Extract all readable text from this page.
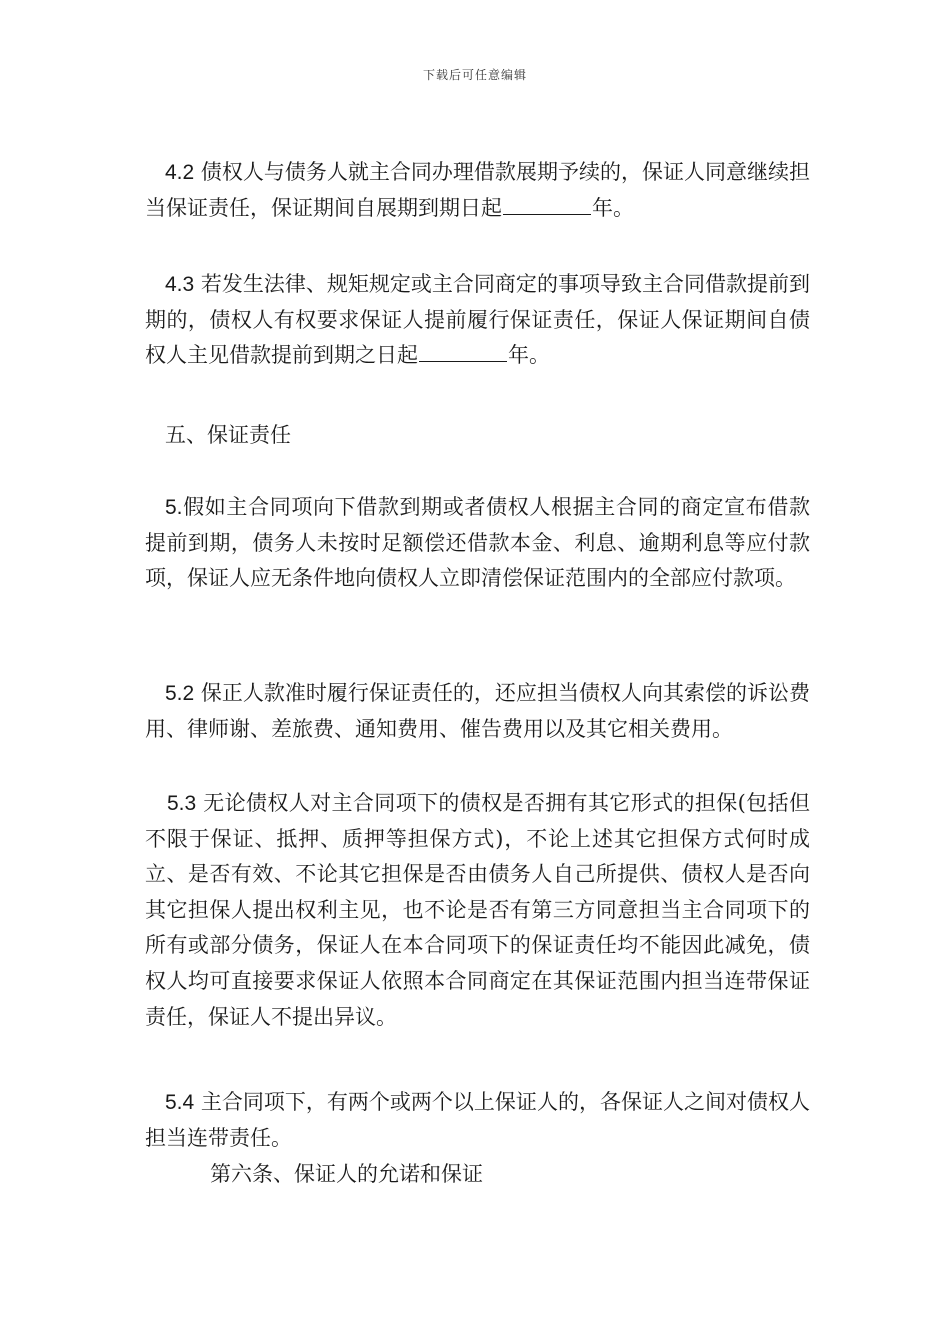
下载后可任意编辑
4.2 债权人与债务人就主合同办理借款展期予续的，保证人同意继续担当保证责任，保证期间自展期到期日起	年。
4.3 若发生法律、规矩规定或主合同商定的事项导致主合同借款提前到期的，债权人有权要求保证人提前履行保证责任，保证人保证期间自债权人主见借款提前到期之日起	年。
五、保证责任
5.假如主合同项向下借款到期或者债权人根据主合同的商定宣布借款提前到期，债务人未按时足额偿还借款本金、利息、逾期利息等应付款项，保证人应无条件地向债权人立即清偿保证范围内的全部应付款项。
5.2 保正人款准时履行保证责任的，还应担当债权人向其索偿的诉讼费用、律师谢、差旅费、通知费用、催告费用以及其它相关费用。
5.3 无论债权人对主合同项下的债权是否拥有其它形式的担保(包括但不限于保证、抵押、质押等担保方式)，不论上述其它担保方式何时成立、是否有效、不论其它担保是否由债务人自己所提供、债权人是否向其它担保人提出权利主见，也不论是否有第三方同意担当主合同项下的所有或部分债务，保证人在本合同项下的保证责任均不能因此减免，债权人均可直接要求保证人依照本合同商定在其保证范围内担当连带保证责任，保证人不提出异议。
5.4 主合同项下，有两个或两个以上保证人的，各保证人之间对债权人担当连带责任。
第六条、保证人的允诺和保证
